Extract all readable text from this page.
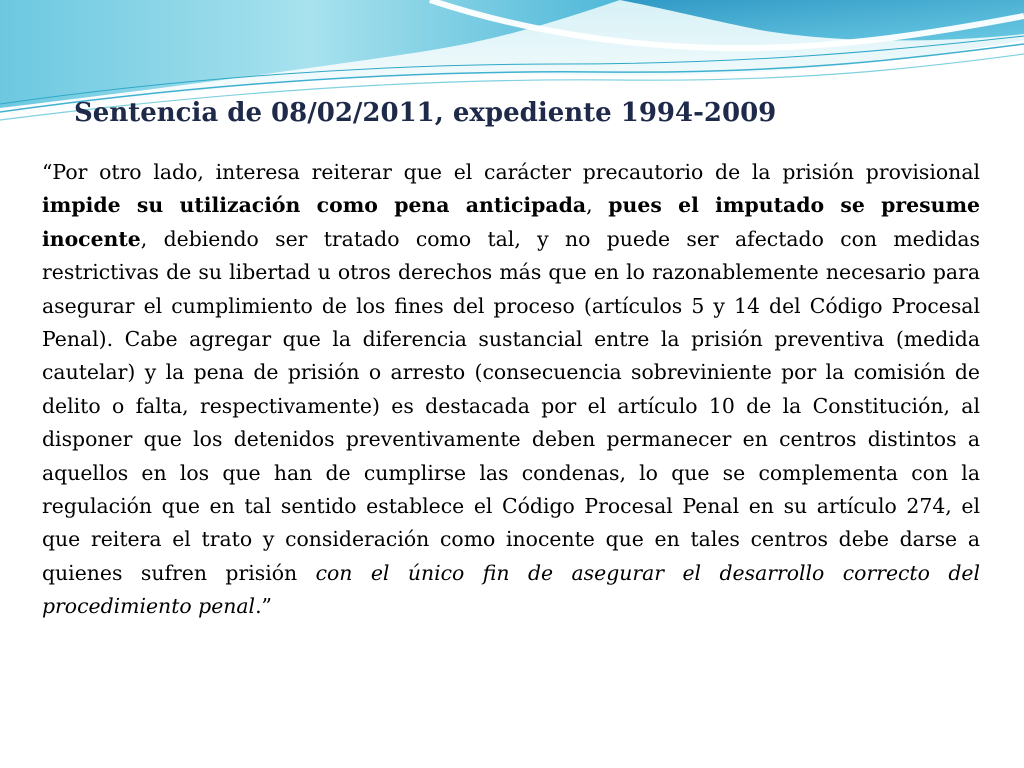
Sentencia de 08/02/2011, expediente 1994-2009

“Por otro lado, interesa reiterar que el carácter precautorio de la prisión provisional impide su utilización como pena anticipada, pues el imputado se presume inocente, debiendo ser tratado como tal, y no puede ser afectado con medidas restrictivas de su libertad u otros derechos más que en lo razonablemente necesario para asegurar el cumplimiento de los fines del proceso (artículos 5 y 14 del Código Procesal Penal). Cabe agregar que la diferencia sustancial entre la prisión preventiva (medida cautelar) y la pena de prisión o arresto (consecuencia sobreviniente por la comisión de delito o falta, respectivamente) es destacada por el artículo 10 de la Constitución, al disponer que los detenidos preventivamente deben permanecer en centros distintos a aquellos en los que han de cumplirse las condenas, lo que se complementa con la regulación que en tal sentido establece el Código Procesal Penal en su artículo 274, el que reitera el trato y consideración como inocente que en tales centros debe darse a quienes sufren prisión con el único fin de asegurar el desarrollo correcto del procedimiento penal.”
